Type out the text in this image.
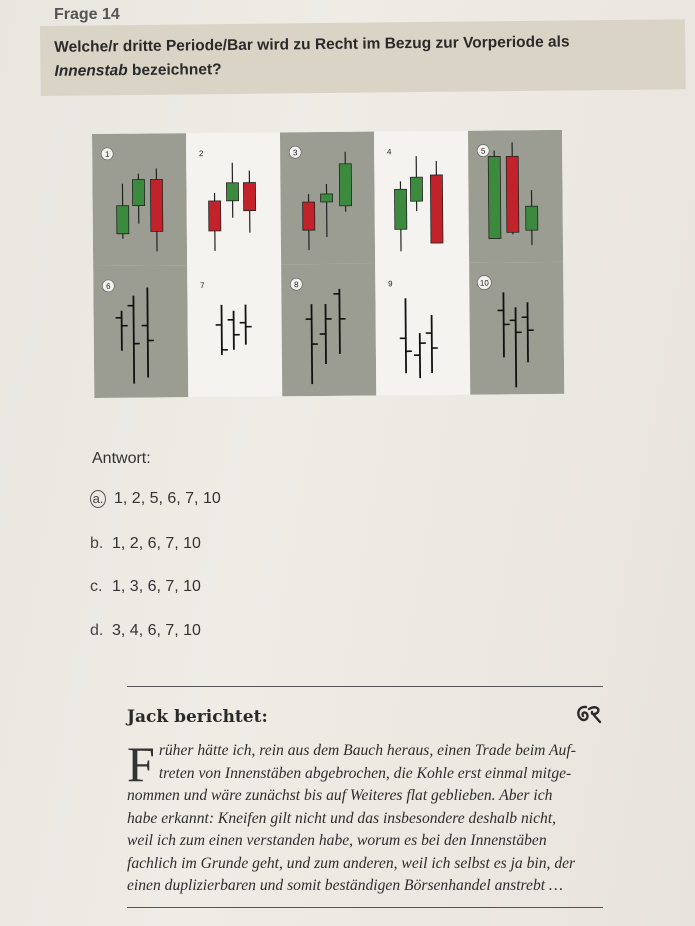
Frage 14
Welche/r dritte Periode/Bar wird zu Recht im Bezug zur Vorperiode als
Innenstab bezeichnet?
1	2	3	4	5
6	7	8	9	10
Antwort:
a. 1, 2, 5, 6, 7, 10
b. 1, 2, 6, 7, 10
c. 1, 3, 6, 7, 10
d. 3, 4, 6, 7, 10
Jack berichtet:
F rüher hätte ich, rein aus dem Bauch heraus, einen Trade beim Auf-
treten von Innenstäben abgebrochen, die Kohle erst einmal mitge-
nommen und wäre zunächst bis auf Weiteres flat geblieben. Aber ich
habe erkannt: Kneifen gilt nicht und das insbesondere deshalb nicht,
weil ich zum einen verstanden habe, worum es bei den Innenstäben
fachlich im Grunde geht, und zum anderen, weil ich selbst es ja bin, der
einen duplizierbaren und somit beständigen Börsenhandel anstrebt …
